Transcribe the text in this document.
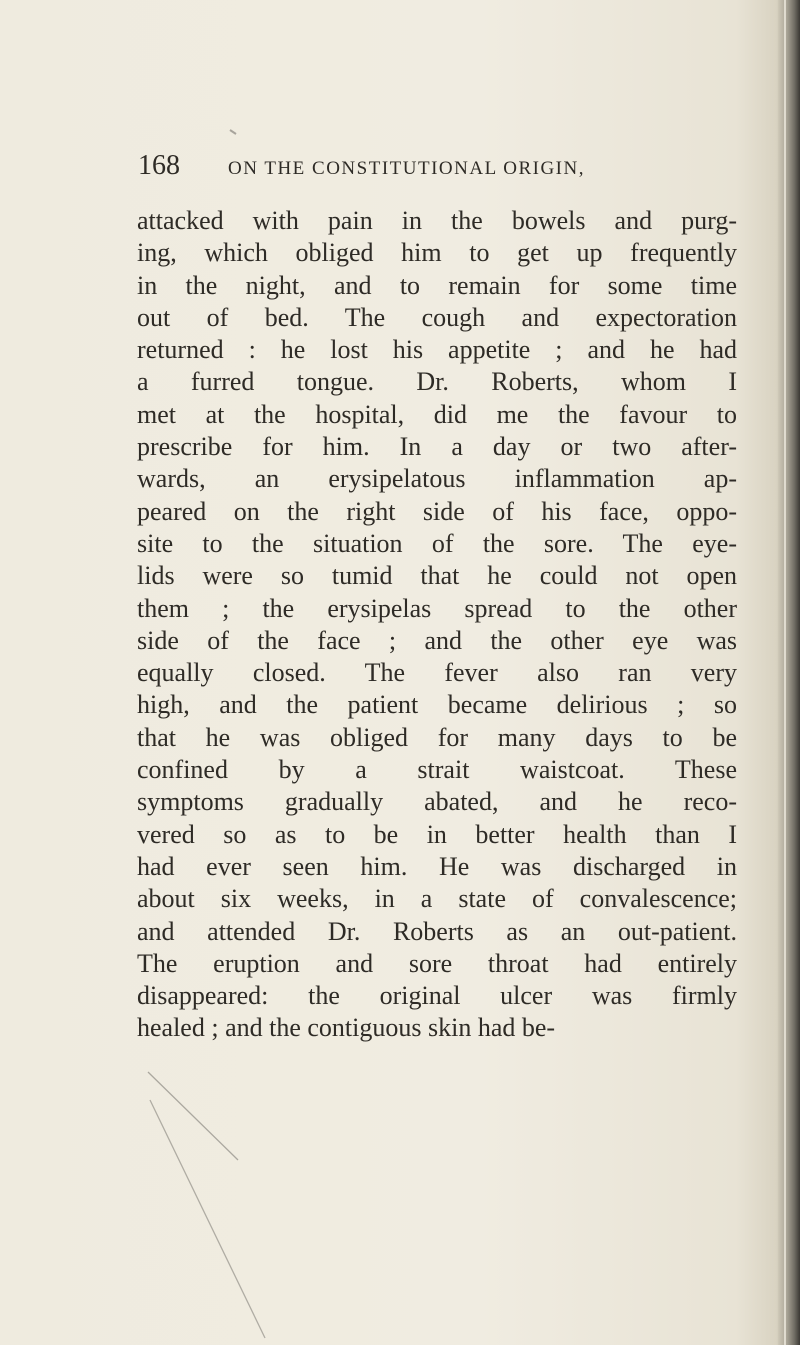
168	ON THE CONSTITUTIONAL ORIGIN,
attacked with pain in the bowels and purg-
ing, which obliged him to get up frequently
in the night, and to remain for some time
out of bed. The cough and expectoration
returned : he lost his appetite ; and he had
a furred tongue. Dr. Roberts, whom I
met at the hospital, did me the favour to
prescribe for him. In a day or two after-
wards, an erysipelatous inflammation ap-
peared on the right side of his face, oppo-
site to the situation of the sore. The eye-
lids were so tumid that he could not open
them ; the erysipelas spread to the other
side of the face ; and the other eye was
equally closed. The fever also ran very
high, and the patient became delirious ; so
that he was obliged for many days to be
confined by a strait waistcoat. These
symptoms gradually abated, and he reco-
vered so as to be in better health than I
had ever seen him. He was discharged in
about six weeks, in a state of convalescence;
and attended Dr. Roberts as an out-patient.
The eruption and sore throat had entirely
disappeared: the original ulcer was firmly
healed ; and the contiguous skin had be-
